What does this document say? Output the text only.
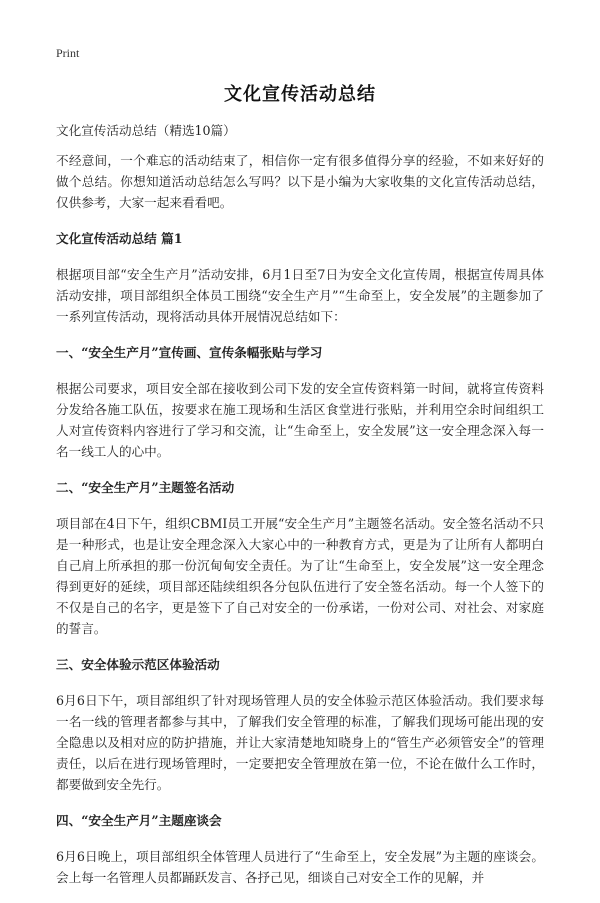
Print
文化宣传活动总结
文化宣传活动总结（精选10篇）
不经意间，一个难忘的活动结束了，相信你一定有很多值得分享的经验，不如来好好的做个总结。你想知道活动总结怎么写吗？以下是小编为大家收集的文化宣传活动总结，仅供参考，大家一起来看看吧。
文化宣传活动总结 篇1
根据项目部“安全生产月”活动安排，6月1日至7日为安全文化宣传周，根据宣传周具体活动安排，项目部组织全体员工围绕“安全生产月”“生命至上，安全发展”的主题参加了一系列宣传活动，现将活动具体开展情况总结如下：
一、“安全生产月”宣传画、宣传条幅张贴与学习
根据公司要求，项目安全部在接收到公司下发的安全宣传资料第一时间，就将宣传资料分发给各施工队伍，按要求在施工现场和生活区食堂进行张贴，并利用空余时间组织工人对宣传资料内容进行了学习和交流，让“生命至上，安全发展”这一安全理念深入每一名一线工人的心中。
二、“安全生产月”主题签名活动
项目部在4日下午，组织CBMI员工开展“安全生产月”主题签名活动。安全签名活动不只是一种形式，也是让安全理念深入大家心中的一种教育方式，更是为了让所有人都明白自己肩上所承担的那一份沉甸甸安全责任。为了让“生命至上，安全发展”这一安全理念得到更好的延续，项目部还陆续组织各分包队伍进行了安全签名活动。每一个人签下的不仅是自己的名字，更是签下了自己对安全的一份承诺，一份对公司、对社会、对家庭的誓言。
三、安全体验示范区体验活动
6月6日下午，项目部组织了针对现场管理人员的安全体验示范区体验活动。我们要求每一名一线的管理者都参与其中，了解我们安全管理的标准，了解我们现场可能出现的安全隐患以及相对应的防护措施，并让大家清楚地知晓身上的“管生产必须管安全”的管理责任，以后在进行现场管理时，一定要把安全管理放在第一位，不论在做什么工作时，都要做到安全先行。
四、“安全生产月”主题座谈会
6月6日晚上，项目部组织全体管理人员进行了“生命至上，安全发展”为主题的座谈会。会上每一名管理人员都踊跃发言、各抒己见，细谈自己对安全工作的见解，并
